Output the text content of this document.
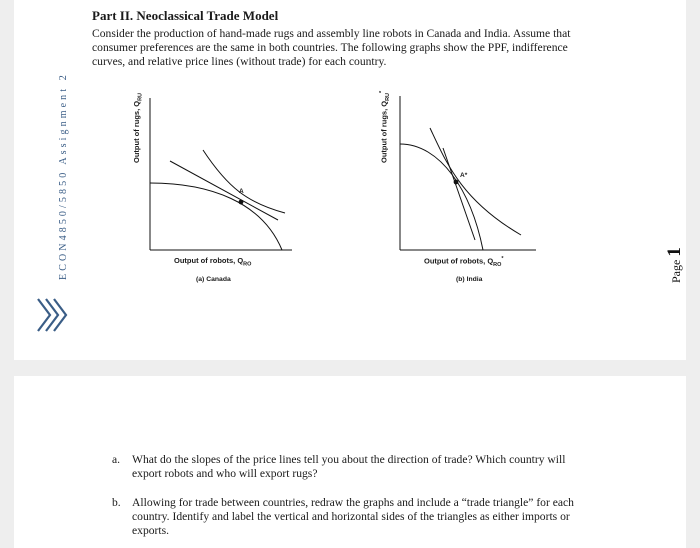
ECON4850/5850 Assignment 2	Page1
Part II. Neoclassical Trade Model

Consider the production of hand-made rugs and assembly line robots in Canada and India. Assume that consumer preferences are the same in both countries. The following graphs show the PPF, indifference curves, and relative price lines (without trade) for each country.

Output of rugs, $Q_{RU}$
A
Output of robots, $Q_{RO}$
(a) Canada
Output of rugs, $Q_{RU}^*$
A*
Output of robots, $Q_{RO}^*$
(b) India
a. What do the slopes of the price lines tell you about the direction of trade? Which country will export robots and who will export rugs?
b. Allowing for trade between countries, redraw the graphs and include a “trade triangle” for each country. Identify and label the vertical and horizontal sides of the triangles as either imports or exports.
